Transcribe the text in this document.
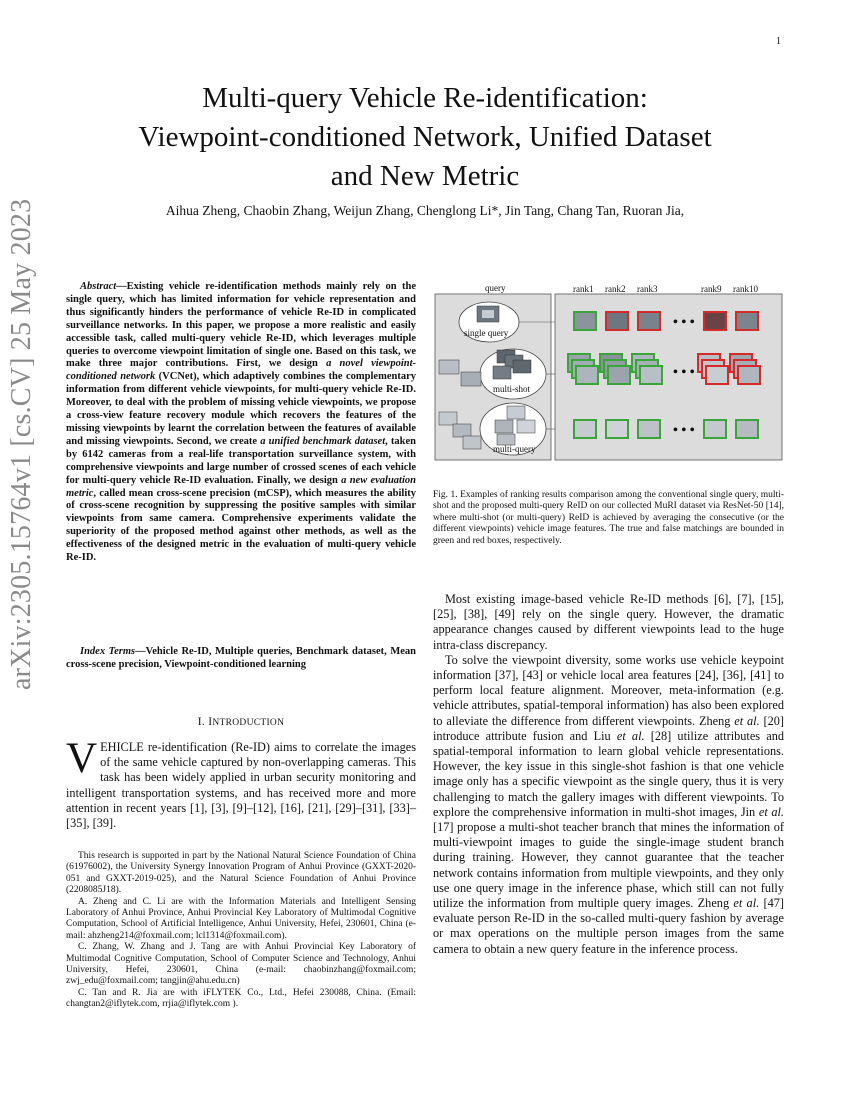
1
arXiv:2305.15764v1 [cs.CV] 25 May 2023
Multi-query Vehicle Re-identification:
Viewpoint-conditioned Network, Unified Dataset
and New Metric
Aihua Zheng, Chaobin Zhang, Weijun Zhang, Chenglong Li*, Jin Tang, Chang Tan, Ruoran Jia,

Abstract—Existing vehicle re-identification methods mainly rely on the single query, which has limited information for vehicle representation and thus significantly hinders the performance of vehicle Re-ID in complicated surveillance networks. In this paper, we propose a more realistic and easily accessible task, called multi-query vehicle Re-ID, which leverages multiple queries to overcome viewpoint limitation of single one. Based on this task, we make three major contributions. First, we design a novel viewpoint-conditioned network (VCNet), which adaptively combines the complementary information from different vehicle viewpoints, for multi-query vehicle Re-ID. Moreover, to deal with the problem of missing vehicle viewpoints, we propose a cross-view feature recovery module which recovers the features of the missing viewpoints by learnt the correlation between the features of available and missing viewpoints. Second, we create a unified benchmark dataset, taken by 6142 cameras from a real-life transportation surveillance system, with comprehensive viewpoints and large number of crossed scenes of each vehicle for multi-query vehicle Re-ID evaluation. Finally, we design a new evaluation metric, called mean cross-scene precision (mCSP), which measures the ability of cross-scene recognition by suppressing the positive samples with similar viewpoints from same camera. Comprehensive experiments validate the superiority of the proposed method against other methods, as well as the effectiveness of the designed metric in the evaluation of multi-query vehicle Re-ID.

Index Terms—Vehicle Re-ID, Multiple queries, Benchmark dataset, Mean cross-scene precision, Viewpoint-conditioned learning
I. INTRODUCTION
VEHICLE re-identification (Re-ID) aims to correlate the images of the same vehicle captured by non-overlapping cameras. This task has been widely applied in urban security monitoring and intelligent transportation systems, and has received more and more attention in recent years [1], [3], [9]–[12], [16], [21], [29]–[31], [33]–[35], [39].

This research is supported in part by the National Natural Science Foundation of China (61976002), the University Synergy Innovation Program of Anhui Province (GXXT-2020-051 and GXXT-2019-025), and the Natural Science Foundation of Anhui Province (2208085J18).

A. Zheng and C. Li are with the Information Materials and Intelligent Sensing Laboratory of Anhui Province, Anhui Provincial Key Laboratory of Multimodal Cognitive Computation, School of Artificial Intelligence, Anhui University, Hefei, 230601, China (e-mail: ahzheng214@foxmail.com; lcl1314@foxmail.com).

C. Zhang, W. Zhang and J. Tang are with Anhui Provincial Key Laboratory of Multimodal Cognitive Computation, School of Computer Science and Technology, Anhui University, Hefei, 230601, China (e-mail: chaobinzhang@foxmail.com; zwj_edu@foxmail.com; tangjin@ahu.edu.cn)

C. Tan and R. Jia are with iFLYTEK Co., Ltd., Hefei 230088, China. (Email: changtan2@iflytek.com, rrjia@iflytek.com ).

query	rank1 rank2 rank3	rank9 rank10
single query
multi-shot
multi-query
• • •
• • •
• • •
Fig. 1. Examples of ranking results comparison among the conventional single query, multi-shot and the proposed multi-query ReID on our collected MuRI dataset via ResNet-50 [14], where multi-shot (or multi-query) ReID is achieved by averaging the consecutive (or the different viewpoints) vehicle image features. The true and false matchings are bounded in green and red boxes, respectively.

Most existing image-based vehicle Re-ID methods [6], [7], [15], [25], [38], [49] rely on the single query. However, the dramatic appearance changes caused by different viewpoints lead to the huge intra-class discrepancy.

To solve the viewpoint diversity, some works use vehicle keypoint information [37], [43] or vehicle local area features [24], [36], [41] to perform local feature alignment. Moreover, meta-information (e.g. vehicle attributes, spatial-temporal information) has also been explored to alleviate the difference from different viewpoints. Zheng et al. [20] introduce attribute fusion and Liu et al. [28] utilize attributes and spatial-temporal information to learn global vehicle representations. However, the key issue in this single-shot fashion is that one vehicle image only has a specific viewpoint as the single query, thus it is very challenging to match the gallery images with different viewpoints. To explore the comprehensive information in multi-shot images, Jin et al. [17] propose a multi-shot teacher branch that mines the information of multi-viewpoint images to guide the single-image student branch during training. However, they cannot guarantee that the teacher network contains information from multiple viewpoints, and they only use one query image in the inference phase, which still can not fully utilize the information from multiple query images. Zheng et al. [47] evaluate person Re-ID in the so-called multi-query fashion by average or max operations on the multiple person images from the same camera to obtain a new query feature in the inference process.
